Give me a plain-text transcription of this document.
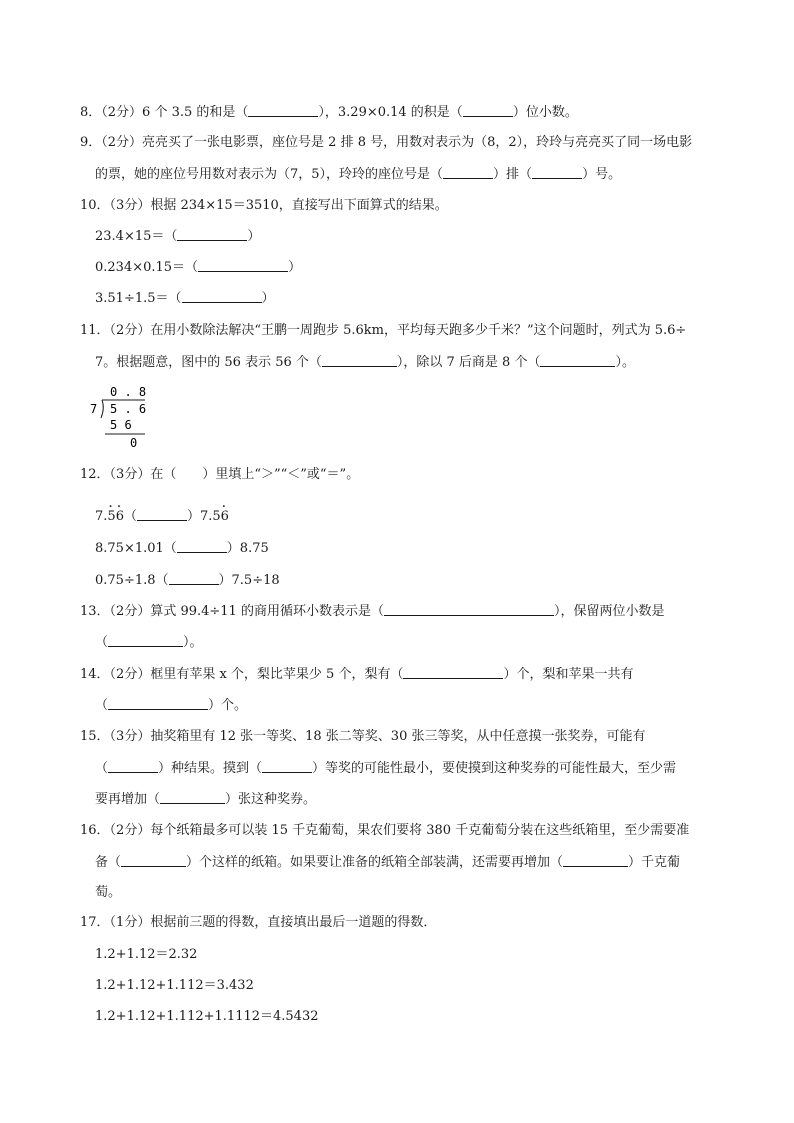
8．（2分）6 个 3.5 的和是（	），3.29×0.14 的积是（	）位小数。
9．（2分）亮亮买了一张电影票，座位号是 2 排 8 号，用数对表示为（8，2），玲玲与亮亮买了同一场电影
的票，她的座位号用数对表示为（7，5），玲玲的座位号是（	）排（	）号。
10．（3分）根据 234×15＝3510，直接写出下面算式的结果。
23.4×15＝（	）
0.234×0.15＝（	）
3.51÷1.5＝（	）
11．（2分）在用小数除法解决“王鹏一周跑步 5.6km，平均每天跑多少千米？”这个问题时，列式为 5.6÷
7。根据题意，图中的 56 表示 56 个（	），除以 7 后商是 8 个（	）。
0 . 8
7 5 . 6
5 6
0
12．（3分）在（　　）里填上“＞”“＜”或“＝”。
7.· 5· 6（	）7.5· 6
8.75×1.01（	）8.75
0.75÷1.8（	）7.5÷18
13．（2分）算式 99.4÷11 的商用循环小数表示是（	），保留两位小数是
（	）。
14．（2分）框里有苹果 x 个，梨比苹果少 5 个，梨有（	）个，梨和苹果一共有
（	）个。
15．（3分）抽奖箱里有 12 张一等奖、18 张二等奖、30 张三等奖，从中任意摸一张奖券，可能有
（	）种结果。摸到（	）等奖的可能性最小，要使摸到这种奖券的可能性最大，至少需
要再增加（	）张这种奖券。
16．（2分）每个纸箱最多可以装 15 千克葡萄，果农们要将 380 千克葡萄分装在这些纸箱里，至少需要准
备（	）个这样的纸箱。如果要让准备的纸箱全部装满，还需要再增加（	）千克葡
萄。
17．（1分）根据前三题的得数，直接填出最后一道题的得数．
1.2+1.12＝2.32
1.2+1.12+1.112＝3.432
1.2+1.12+1.112+1.1112＝4.5432
